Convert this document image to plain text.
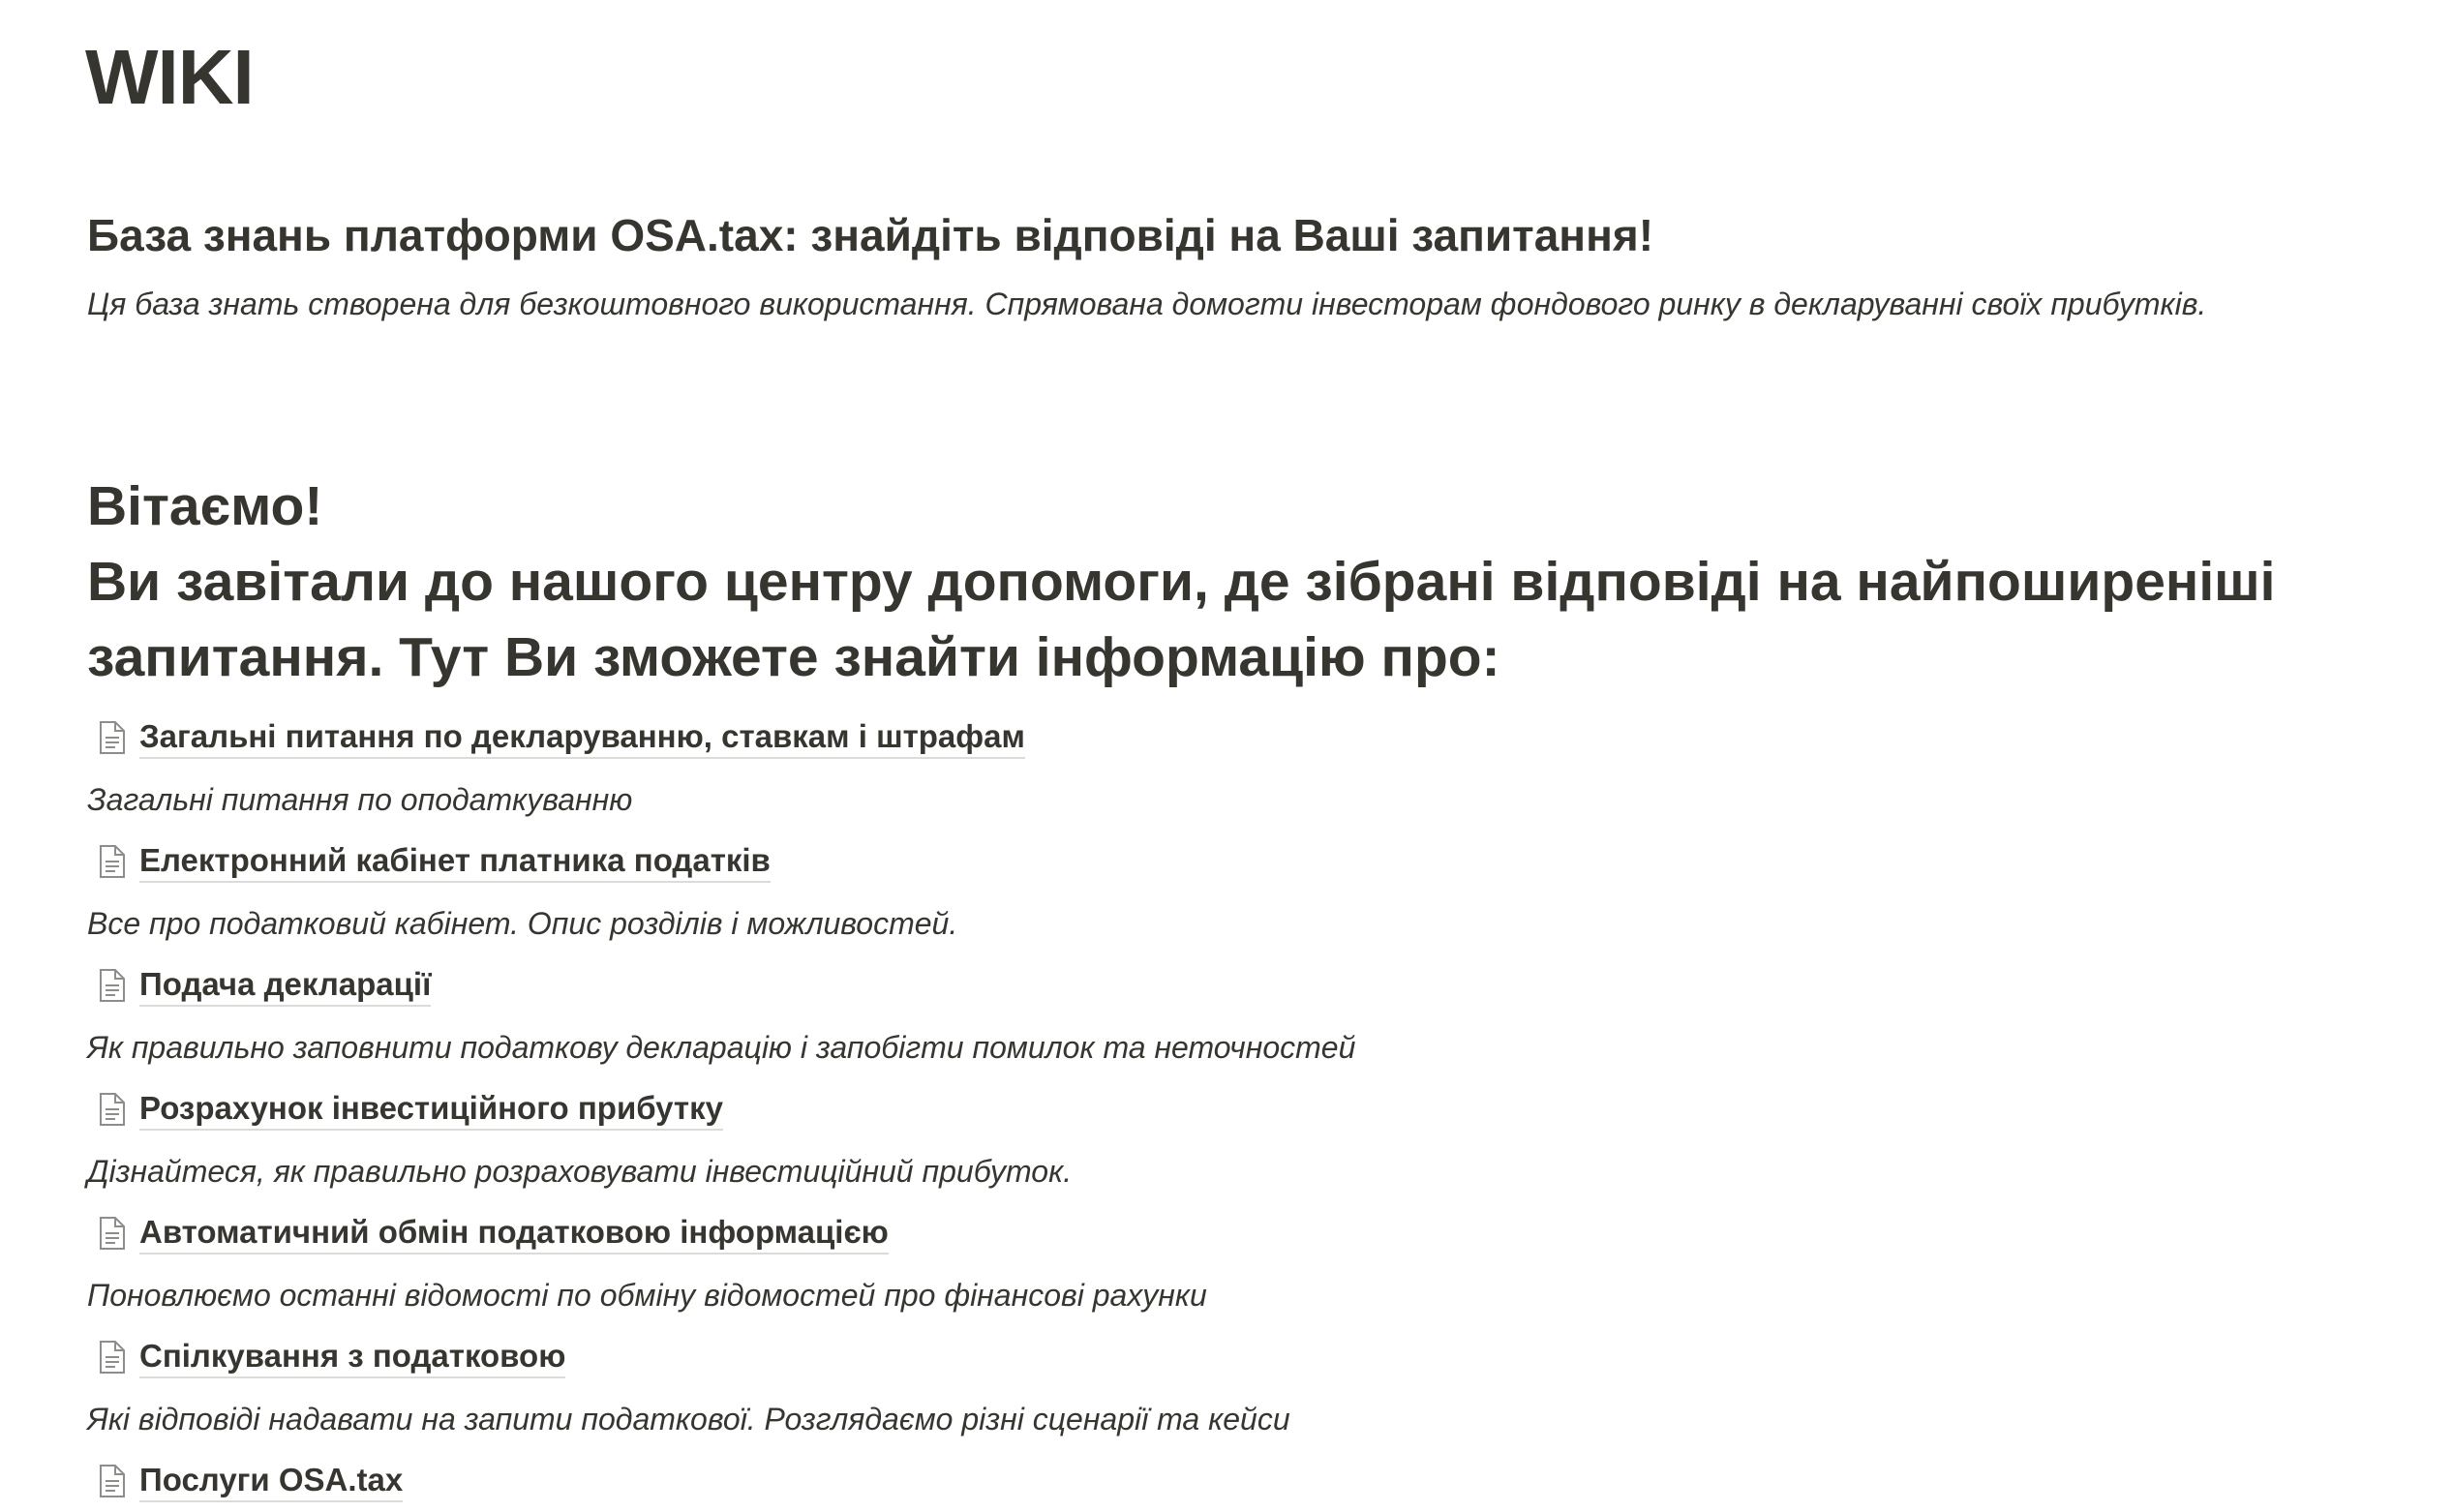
WIKI
База знань платформи OSA.tax: знайдіть відповіді на Ваші запитання!

Ця база знать створена для безкоштовного використання. Спрямована домогти інвесторам фондового ринку в декларуванні своїх прибутків.

Вітаємо!
Ви завітали до нашого центру допомоги, де зібрані відповіді на найпоширеніші
запитання. Тут Ви зможете знайти інформацію про:
Загальні питання по декларуванню, ставкам і штрафам
Загальні питання по оподаткуванню
Електронний кабінет платника податків
Все про податковий кабінет. Опис розділів і можливостей.
Подача декларації
Як правильно заповнити податкову декларацію і запобігти помилок та неточностей
Розрахунок інвестиційного прибутку
Дізнайтеся, як правильно розраховувати інвестиційний прибуток.
Автоматичний обмін податковою інформацією
Поновлюємо останні відомості по обміну відомостей про фінансові рахунки
Спілкування з податковою
Які відповіді надавати на запити податкової. Розглядаємо різні сценарії та кейси
Послуги OSA.tax
